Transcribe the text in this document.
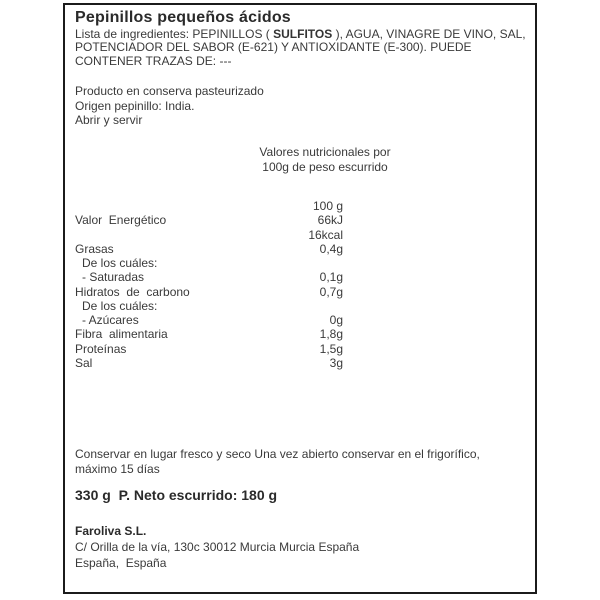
Pepinillos pequeños ácidos
Lista de ingredientes: PEPINILLOS ( SULFITOS ), AGUA, VINAGRE DE VINO, SAL, POTENCIADOR DEL SABOR (E-621) Y ANTIOXIDANTE (E-300). PUEDE CONTENER TRAZAS DE: ---
Producto en conserva pasteurizado
Origen pepinillo: India.
Abrir y servir
Valores nutricionales por
100g de peso escurrido

100 g

66kJ
Valor  Energético
16kcal
0,4g
Grasas
De los cuáles:
0,1g
- Saturadas
0,7g
Hidratos  de  carbono
De los cuáles:
0g
- Azúcares
1,8g
Fibra  alimentaria
1,5g
Proteínas
3g
Sal
Conservar en lugar fresco y seco Una vez abierto conservar en el frigorífico,
máximo 15 días
330 g  P. Neto escurrido: 180 g
Faroliva S.L.
C/ Orilla de la vía, 130c 30012 Murcia Murcia España
España,  España
